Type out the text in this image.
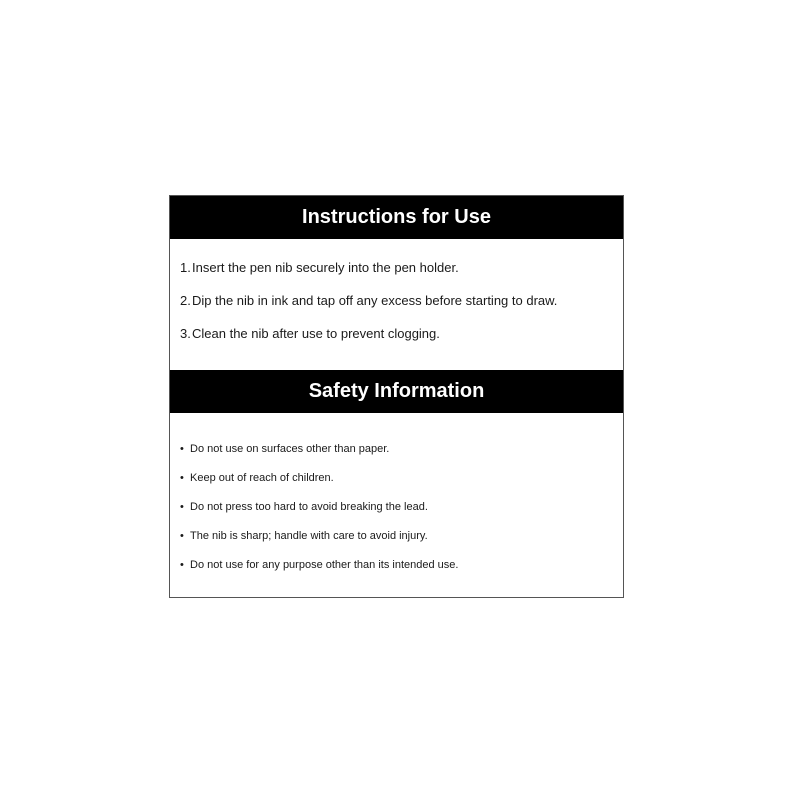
Instructions for Use
1. Insert the pen nib securely into the pen holder.
2. Dip the nib in ink and tap off any excess before starting to draw.
3. Clean the nib after use to prevent clogging.
Safety Information
• Do not use on surfaces other than paper.
• Keep out of reach of children.
• Do not press too hard to avoid breaking the lead.
• The nib is sharp; handle with care to avoid injury.
• Do not use for any purpose other than its intended use.
